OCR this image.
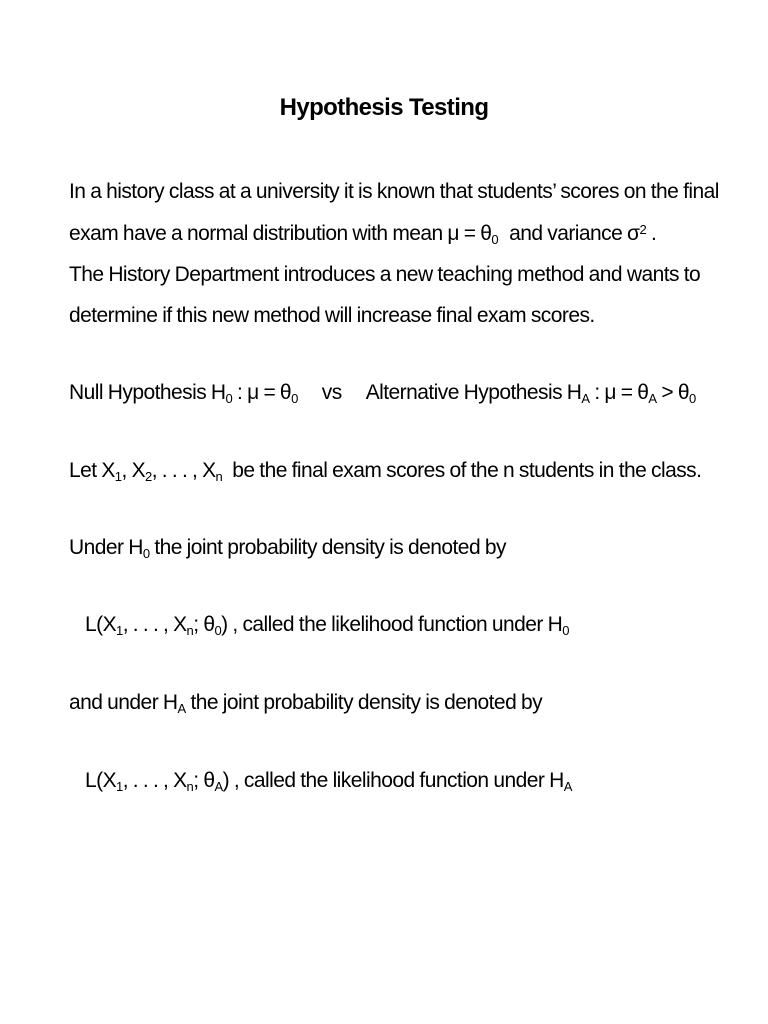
Hypothesis Testing
In a history class at a university it is known that students’ scores on the final
exam have a normal distribution with mean $\mu = \theta_0$ and variance $\sigma^2$ .
The History Department introduces a new teaching method and wants to
determine if this new method will increase final exam scores.
Null Hypothesis $H_0$ : $\mu = \theta_0$ vs Alternative Hypothesis $H_A$ : $\mu = \theta_A > \theta_0$
Let $X_1$, $X_2$, . . . , $X_n$ be the final exam scores of the n students in the class.
Under $H_0$ the joint probability density is denoted by
$L(X_1$, . . . , $X_n$; $\theta_0$) , called the likelihood function under $H_0$
and under $H_A$ the joint probability density is denoted by
$L(X_1$, . . . , $X_n$; $\theta_A$) , called the likelihood function under $H_A$
